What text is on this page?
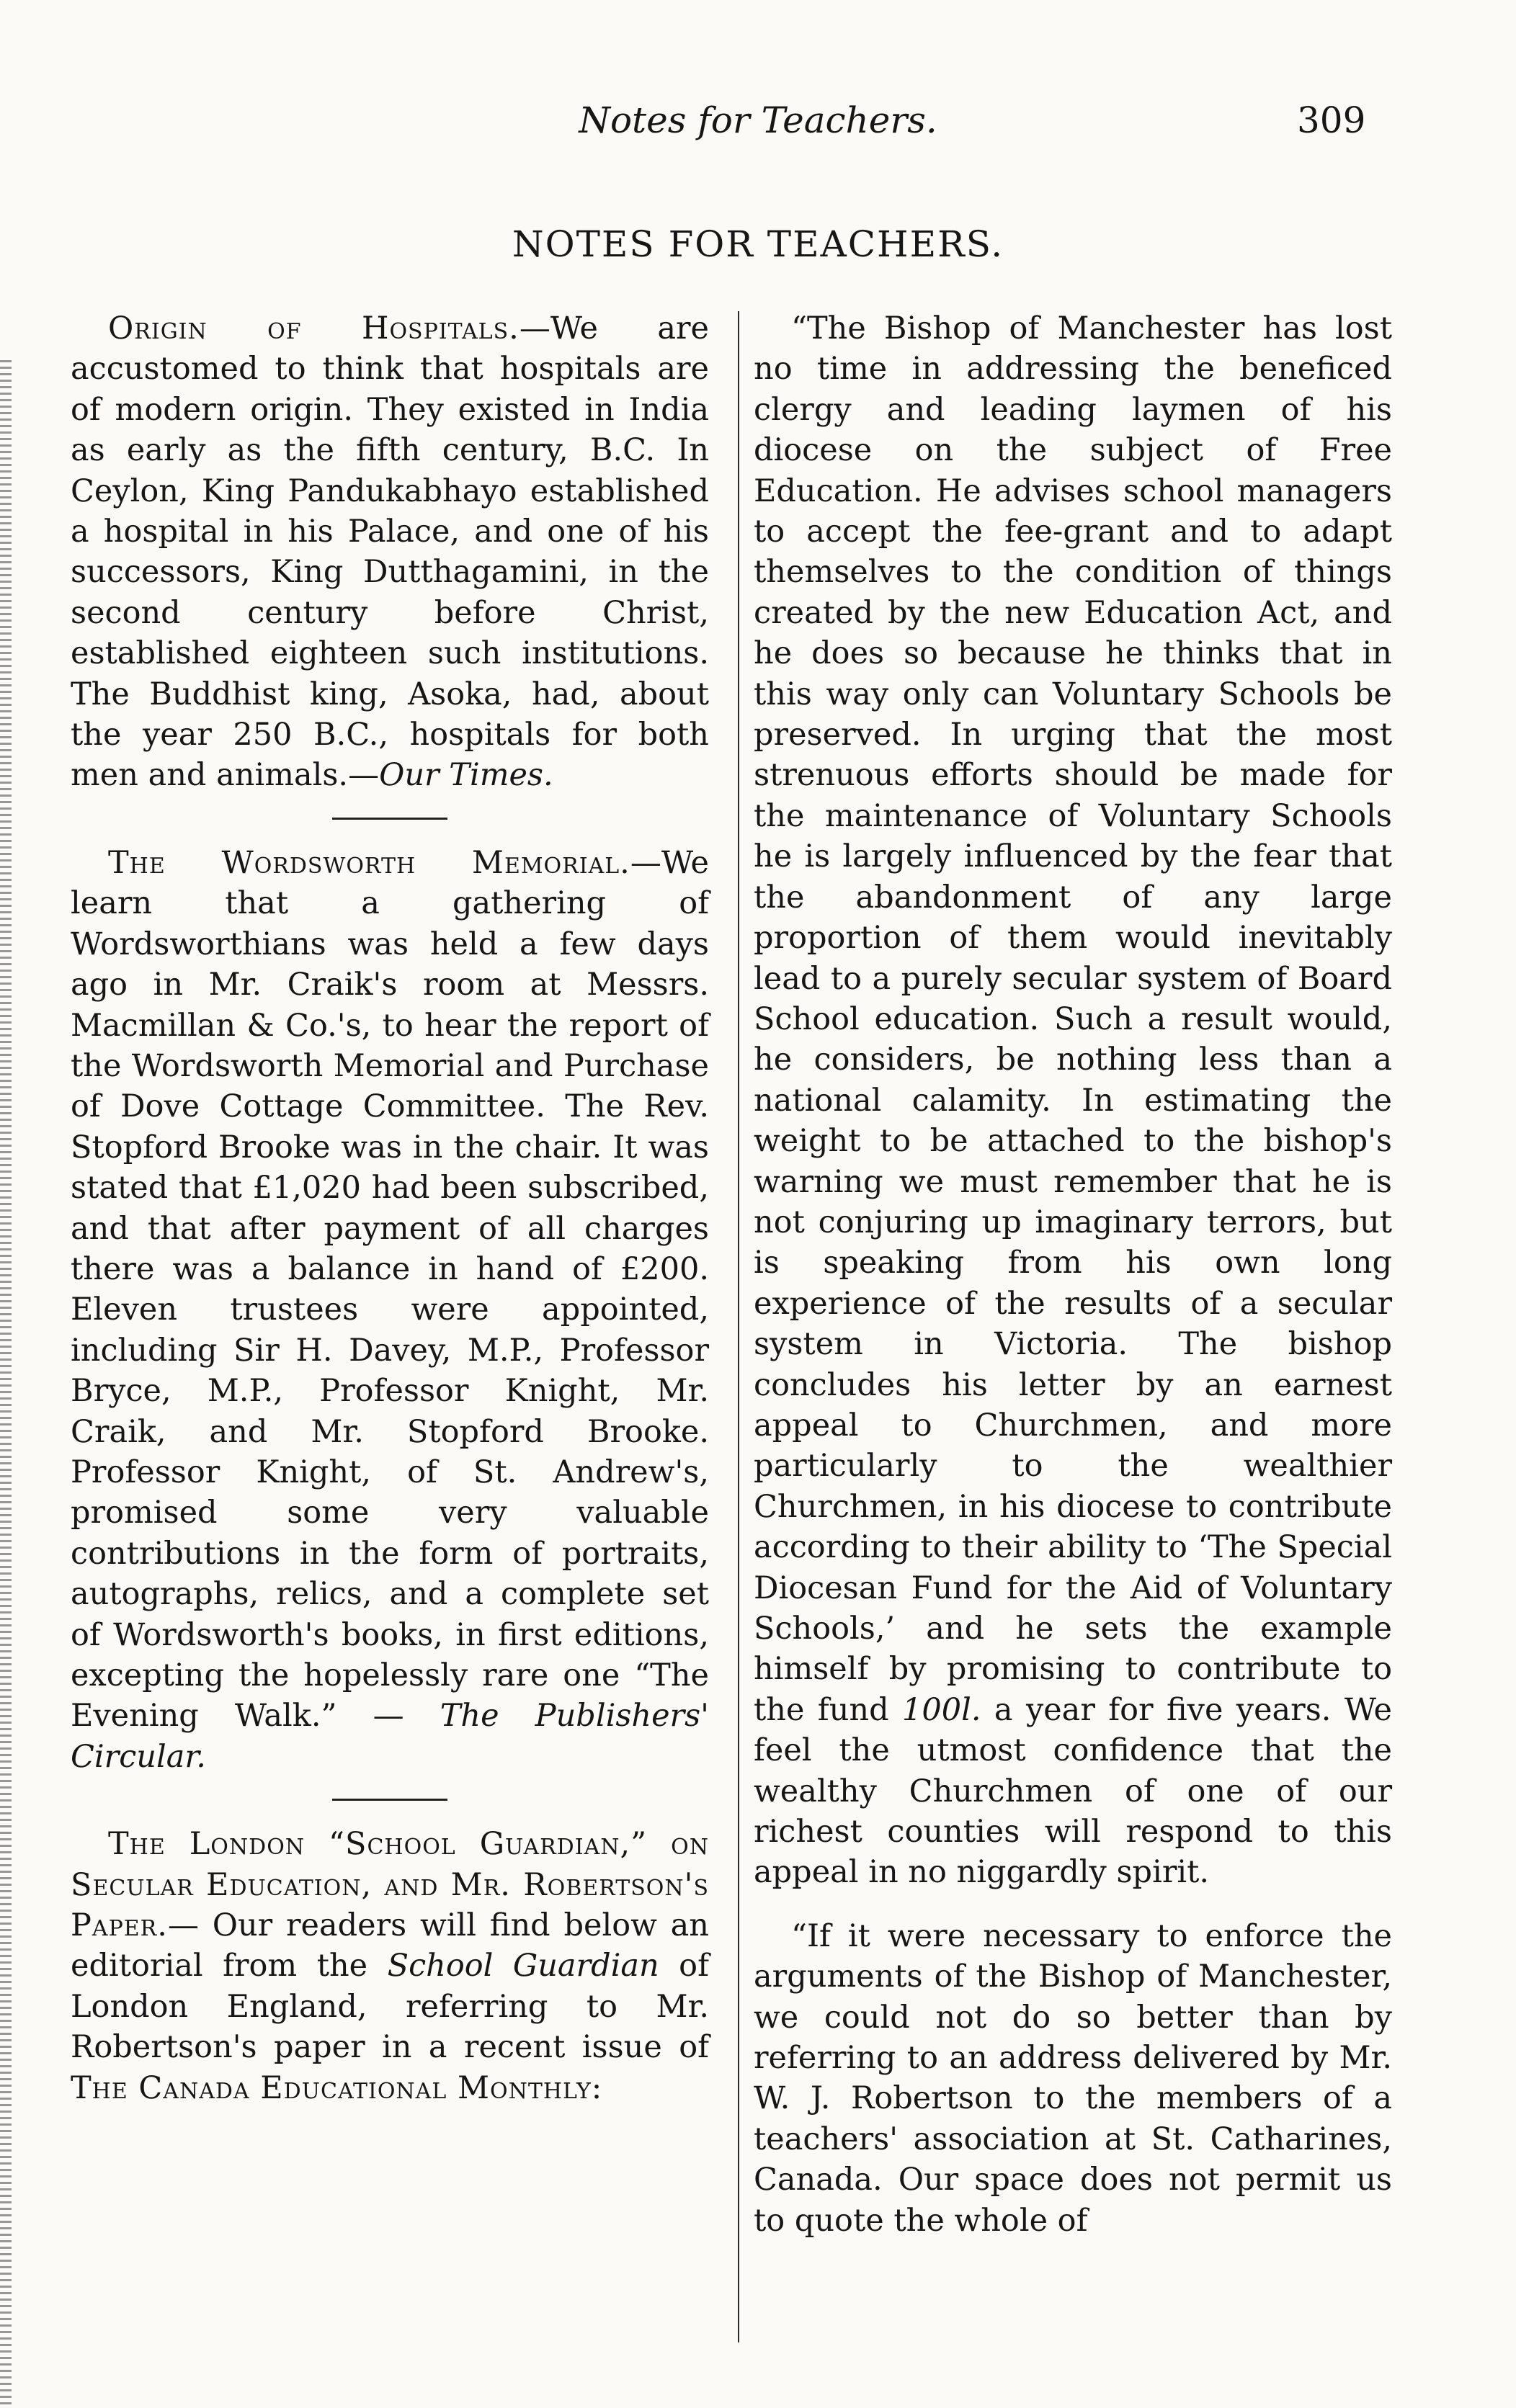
Notes for Teachers.	309
NOTES FOR TEACHERS.

Origin of Hospitals.—We are accustomed to think that hospitals are of modern origin. They existed in India as early as the fifth century, B.C. In Ceylon, King Pandukabhayo established a hospital in his Palace, and one of his successors, King Dutthagamini, in the second century before Christ, established eighteen such institutions. The Buddhist king, Asoka, had, about the year 250 B.C., hospitals for both men and animals.—Our Times.

The Wordsworth Memorial.—We learn that a gathering of Wordsworthians was held a few days ago in Mr. Craik's room at Messrs. Macmillan & Co.'s, to hear the report of the Wordsworth Memorial and Purchase of Dove Cottage Committee. The Rev. Stopford Brooke was in the chair. It was stated that £1,020 had been subscribed, and that after payment of all charges there was a balance in hand of £200. Eleven trustees were appointed, including Sir H. Davey, M.P., Professor Bryce, M.P., Professor Knight, Mr. Craik, and Mr. Stopford Brooke. Professor Knight, of St. Andrew's, promised some very valuable contributions in the form of portraits, autographs, relics, and a complete set of Wordsworth's books, in first editions, excepting the hopelessly rare one “The Evening Walk.” — The Publishers' Circular.

The London “School Guardian,” on Secular Education, and Mr. Robertson's Paper.— Our readers will find below an editorial from the School Guardian of London England, referring to Mr. Robertson's paper in a recent issue of The Canada Educational Monthly:

“The Bishop of Manchester has lost no time in addressing the beneficed clergy and leading laymen of his diocese on the subject of Free Education. He advises school managers to accept the fee-grant and to adapt themselves to the condition of things created by the new Education Act, and he does so because he thinks that in this way only can Voluntary Schools be preserved. In urging that the most strenuous efforts should be made for the maintenance of Voluntary Schools he is largely influenced by the fear that the abandonment of any large proportion of them would inevitably lead to a purely secular system of Board School education. Such a result would, he considers, be nothing less than a national calamity. In estimating the weight to be attached to the bishop's warning we must remember that he is not conjuring up imaginary terrors, but is speaking from his own long experience of the results of a secular system in Victoria. The bishop concludes his letter by an earnest appeal to Churchmen, and more particularly to the wealthier Churchmen, in his diocese to contribute according to their ability to ‘The Special Diocesan Fund for the Aid of Voluntary Schools,’ and he sets the example himself by promising to contribute to the fund 100l. a year for five years. We feel the utmost confidence that the wealthy Churchmen of one of our richest counties will respond to this appeal in no niggardly spirit.

“If it were necessary to enforce the arguments of the Bishop of Manchester, we could not do so better than by referring to an address delivered by Mr. W. J. Robertson to the members of a teachers' association at St. Catharines, Canada. Our space does not permit us to quote the whole of
